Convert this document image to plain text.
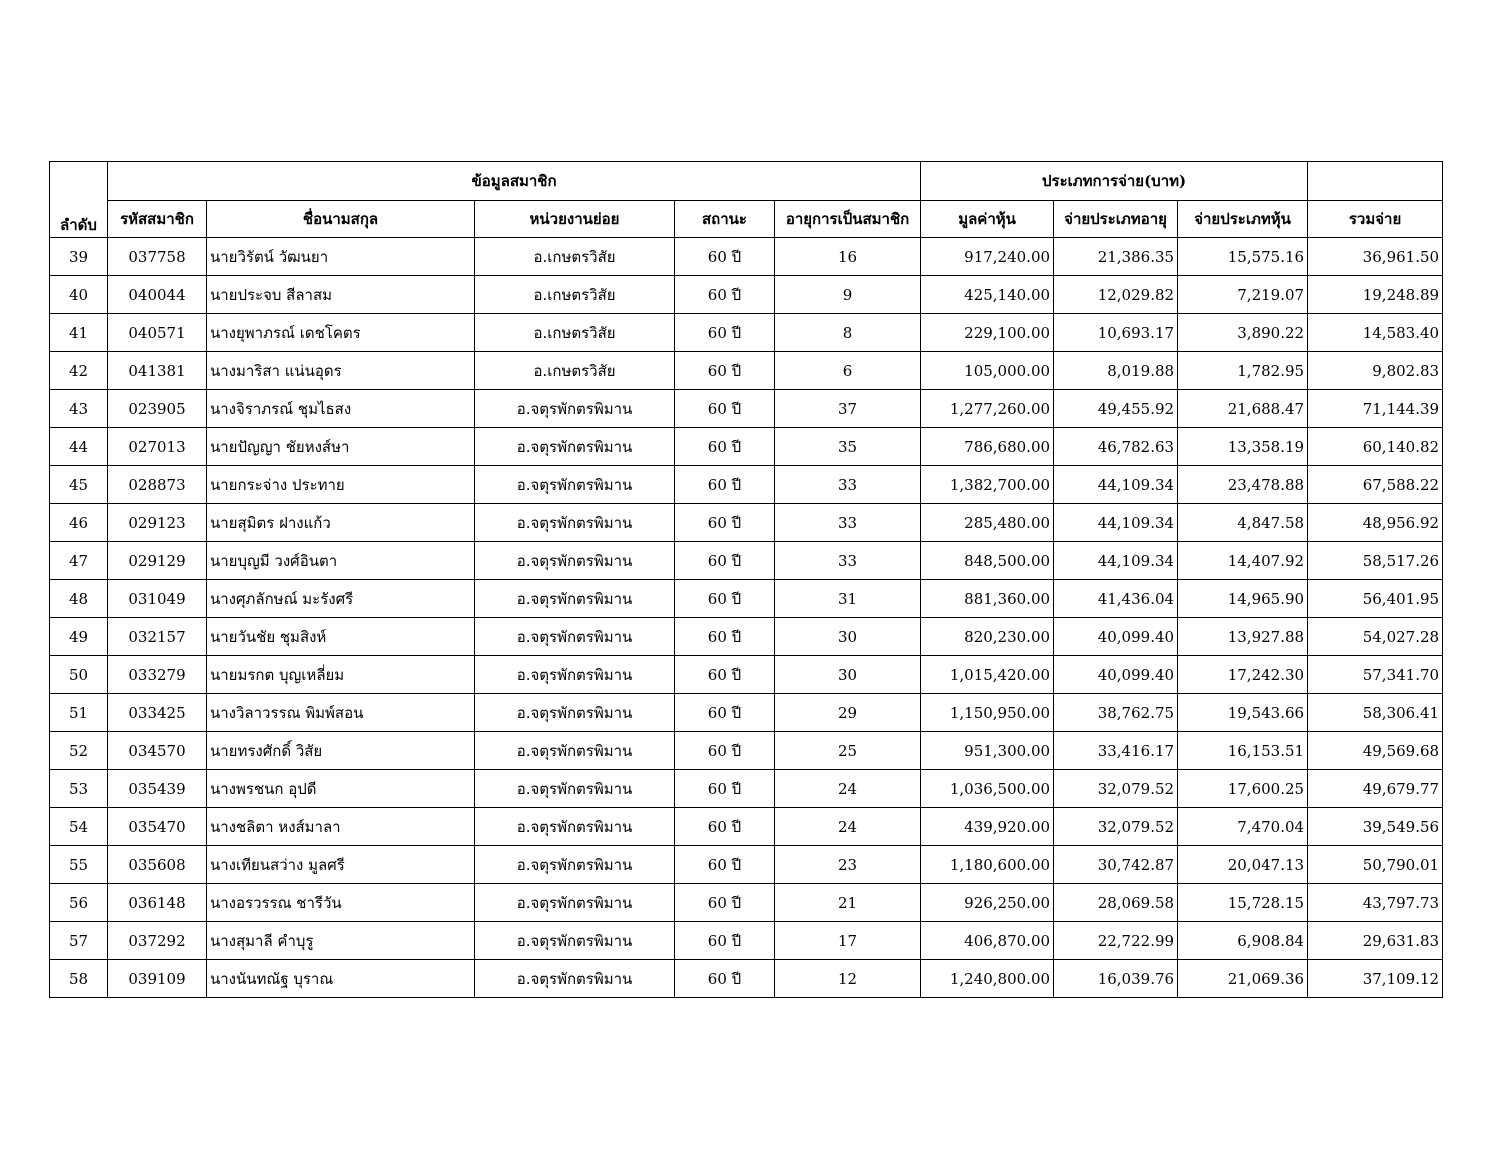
ลำดับ	ข้อมูลสมาชิก					ประเภทการจ่าย(บาท)			
	รหัสสมาชิก	ชื่อนามสกุล	หน่วยงานย่อย	สถานะ	อายุการเป็นสมาชิก	มูลค่าหุ้น	จ่ายประเภทอายุ	จ่ายประเภทหุ้น	รวมจ่าย
39	037758	นายวิรัตน์ วัฒนยา	อ.เกษตรวิสัย	60 ปี	16	917,240.00	21,386.35	15,575.16	36,961.50
40	040044	นายประจบ สีลาสม	อ.เกษตรวิสัย	60 ปี	9	425,140.00	12,029.82	7,219.07	19,248.89
41	040571	นางยุพาภรณ์ เดชโคตร	อ.เกษตรวิสัย	60 ปี	8	229,100.00	10,693.17	3,890.22	14,583.40
42	041381	นางมาริสา แน่นอุดร	อ.เกษตรวิสัย	60 ปี	6	105,000.00	8,019.88	1,782.95	9,802.83
43	023905	นางจิราภรณ์ ชุมไธสง	อ.จตุรพักตรพิมาน	60 ปี	37	1,277,260.00	49,455.92	21,688.47	71,144.39
44	027013	นายปัญญา ชัยหงส์ษา	อ.จตุรพักตรพิมาน	60 ปี	35	786,680.00	46,782.63	13,358.19	60,140.82
45	028873	นายกระจ่าง ประทาย	อ.จตุรพักตรพิมาน	60 ปี	33	1,382,700.00	44,109.34	23,478.88	67,588.22
46	029123	นายสุมิตร ฝางแก้ว	อ.จตุรพักตรพิมาน	60 ปี	33	285,480.00	44,109.34	4,847.58	48,956.92
47	029129	นายบุญมี วงศ์อินตา	อ.จตุรพักตรพิมาน	60 ปี	33	848,500.00	44,109.34	14,407.92	58,517.26
48	031049	นางศุภลักษณ์ มะรังศรี	อ.จตุรพักตรพิมาน	60 ปี	31	881,360.00	41,436.04	14,965.90	56,401.95
49	032157	นายวันชัย ชุมสิงห์	อ.จตุรพักตรพิมาน	60 ปี	30	820,230.00	40,099.40	13,927.88	54,027.28
50	033279	นายมรกต บุญเหลี่ยม	อ.จตุรพักตรพิมาน	60 ปี	30	1,015,420.00	40,099.40	17,242.30	57,341.70
51	033425	นางวิลาวรรณ พิมพ์สอน	อ.จตุรพักตรพิมาน	60 ปี	29	1,150,950.00	38,762.75	19,543.66	58,306.41
52	034570	นายทรงศักดิ์ วิสัย	อ.จตุรพักตรพิมาน	60 ปี	25	951,300.00	33,416.17	16,153.51	49,569.68
53	035439	นางพรชนก อุปดี	อ.จตุรพักตรพิมาน	60 ปี	24	1,036,500.00	32,079.52	17,600.25	49,679.77
54	035470	นางชลิตา หงส์มาลา	อ.จตุรพักตรพิมาน	60 ปี	24	439,920.00	32,079.52	7,470.04	39,549.56
55	035608	นางเทียนสว่าง มูลศรี	อ.จตุรพักตรพิมาน	60 ปี	23	1,180,600.00	30,742.87	20,047.13	50,790.01
56	036148	นางอรวรรณ ชารีวัน	อ.จตุรพักตรพิมาน	60 ปี	21	926,250.00	28,069.58	15,728.15	43,797.73
57	037292	นางสุมาลี คำบุรู	อ.จตุรพักตรพิมาน	60 ปี	17	406,870.00	22,722.99	6,908.84	29,631.83
58	039109	นางนันทณัฐ บุราณ	อ.จตุรพักตรพิมาน	60 ปี	12	1,240,800.00	16,039.76	21,069.36	37,109.12
